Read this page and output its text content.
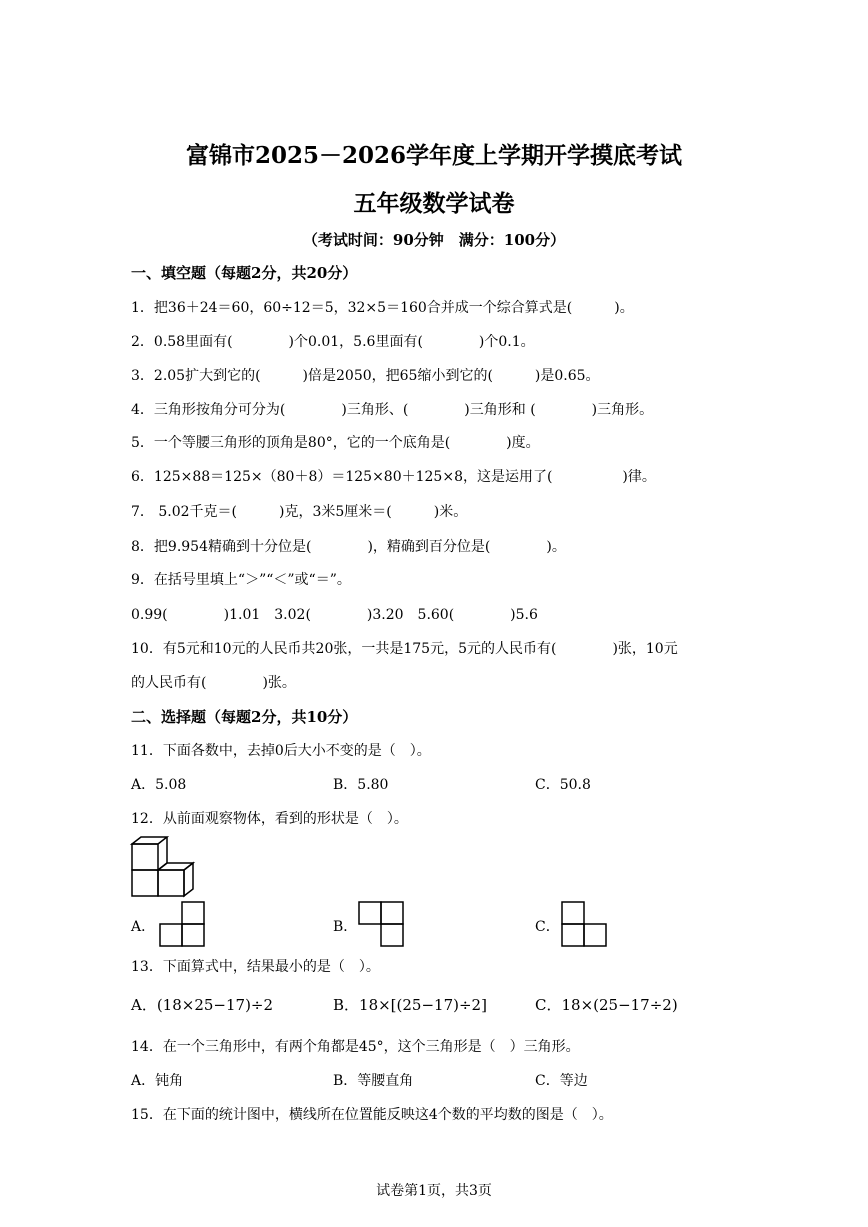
富锦市2025－2026学年度上学期开学摸底考试
五年级数学试卷
（考试时间：90分钟　满分：100分）
一、填空题（每题2分，共20分）
1．把36＋24＝60，60÷12＝5，32×5＝160合并成一个综合算式是(　　　)。
2．0.58里面有(　　　　)个0.01，5.6里面有(　　　　)个0.1。
3．2.05扩大到它的(　　　)倍是2050，把65缩小到它的(　　　)是0.65。
4．三角形按角分可分为(　　　　)三角形、(　　　　)三角形和 (　　　　)三角形。
5．一个等腰三角形的顶角是80°，它的一个底角是(　　　　)度。
6．125×88＝125×（80＋8）＝125×80＋125×8，这是运用了(　　　　　)律。
7． 5.02千克＝(　　　)克，3米5厘米＝(　　　)米。
8．把9.954精确到十分位是(　　　　)，精确到百分位是(　　　　)。
9．在括号里填上“＞”“＜”或“＝”。
0.99(　　　　)1.01　3.02(　　　　)3.20　5.60(　　　　)5.6
10．有5元和10元的人民币共20张，一共是175元，5元的人民币有(　　　　)张，10元
的人民币有(　　　　)张。
二、选择题（每题2分，共10分）
11．下面各数中，去掉0后大小不变的是（　）。
A．5.08	B．5.80	C．50.8
12．从前面观察物体，看到的形状是（　）。
A．	B．	C．
13．下面算式中，结果最小的是（　）。
A．(18×25−17)÷2	B．18×[(25−17)÷2]	C．18×(25−17÷2)
14．在一个三角形中，有两个角都是45°，这个三角形是（　）三角形。
A．钝角	B．等腰直角	C．等边
15．在下面的统计图中，横线所在位置能反映这4个数的平均数的图是（　）。
试卷第1页，共3页
